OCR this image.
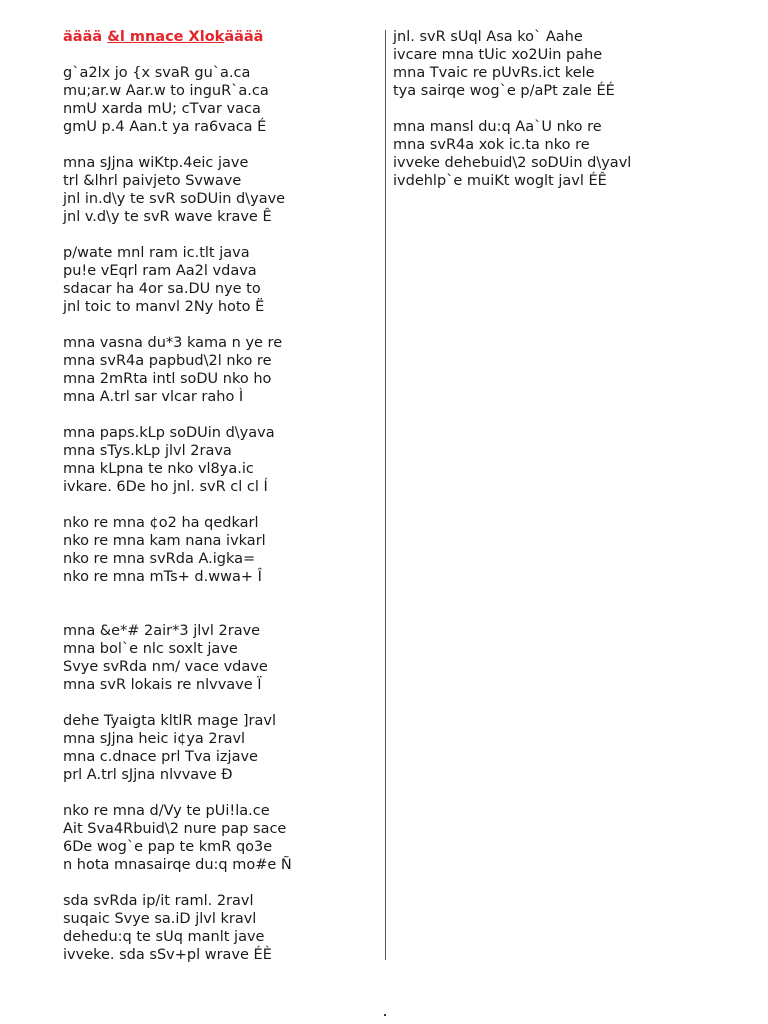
ääää &l mnace Xlokääää
g`a2lx jo {x svaR gu`a.ca
mu;ar.w Aar.w to inguR`a.ca
nmU xarda mU; cTvar vaca
gmU p.4 Aan.t ya ra6vaca É
mna sJjna wiKtp.4eic jave
trl &lhrl paivjeto Svwave
jnl in.d\y te svR soDUin d\yave
jnl v.d\y te svR wave krave Ê
p/wate mnl ram ic.tlt java
pu!e vEqrl ram Aa2l vdava
sdacar ha 4or sa.DU nye to
jnl toic to manvl 2Ny hoto Ë
mna vasna du*3 kama n ye re
mna svR4a papbud\2l nko re
mna 2mRta intl soDU nko ho
mna A.trl sar vlcar raho Ì
mna paps.kLp soDUin d\yava
mna sTys.kLp jlvl 2rava
mna kLpna te nko vl8ya.ic
ivkare. 6De ho jnl. svR cl cl Í
nko re mna ¢o2 ha qedkarl
nko re mna kam nana ivkarl
nko re mna svRda A.igka=
nko re mna mTs+ d.wwa+ Î
mna &e*# 2air*3 jlvl 2rave
mna bol`e nlc soxlt jave
Svye svRda nm/ vace vdave
mna svR lokais re nlvvave Ï
dehe Tyaigta kltlR mage ]ravl
mna sJjna heic i¢ya 2ravl
mna c.dnace prl Tva izjave
prl A.trl sJjna nlvvave Ð
nko re mna d/Vy te pUi!la.ce
Ait Sva4Rbuid\2 nure pap sace
6De wog`e pap te kmR qo3e
n hota mnasairqe du:q mo#e Ñ
sda svRda ip/it raml. 2ravl
suqaic Svye sa.iD jlvl kravl
dehedu:q te sUq manlt jave
ivveke. sda sSv+pl wrave ÉÈ
jnl. svR sUql Asa ko` Aahe
ivcare mna tUic xo2Uin pahe
mna Tvaic re pUvRs.ict kele
tya sairqe wog`e p/aPt zale ÉÉ
mna mansl du:q Aa`U nko re
mna svR4a xok ic.ta nko re
ivveke dehebuid\2 soDUin d\yavl
ivdehlp`e muiKt woglt javl ÉÊ
